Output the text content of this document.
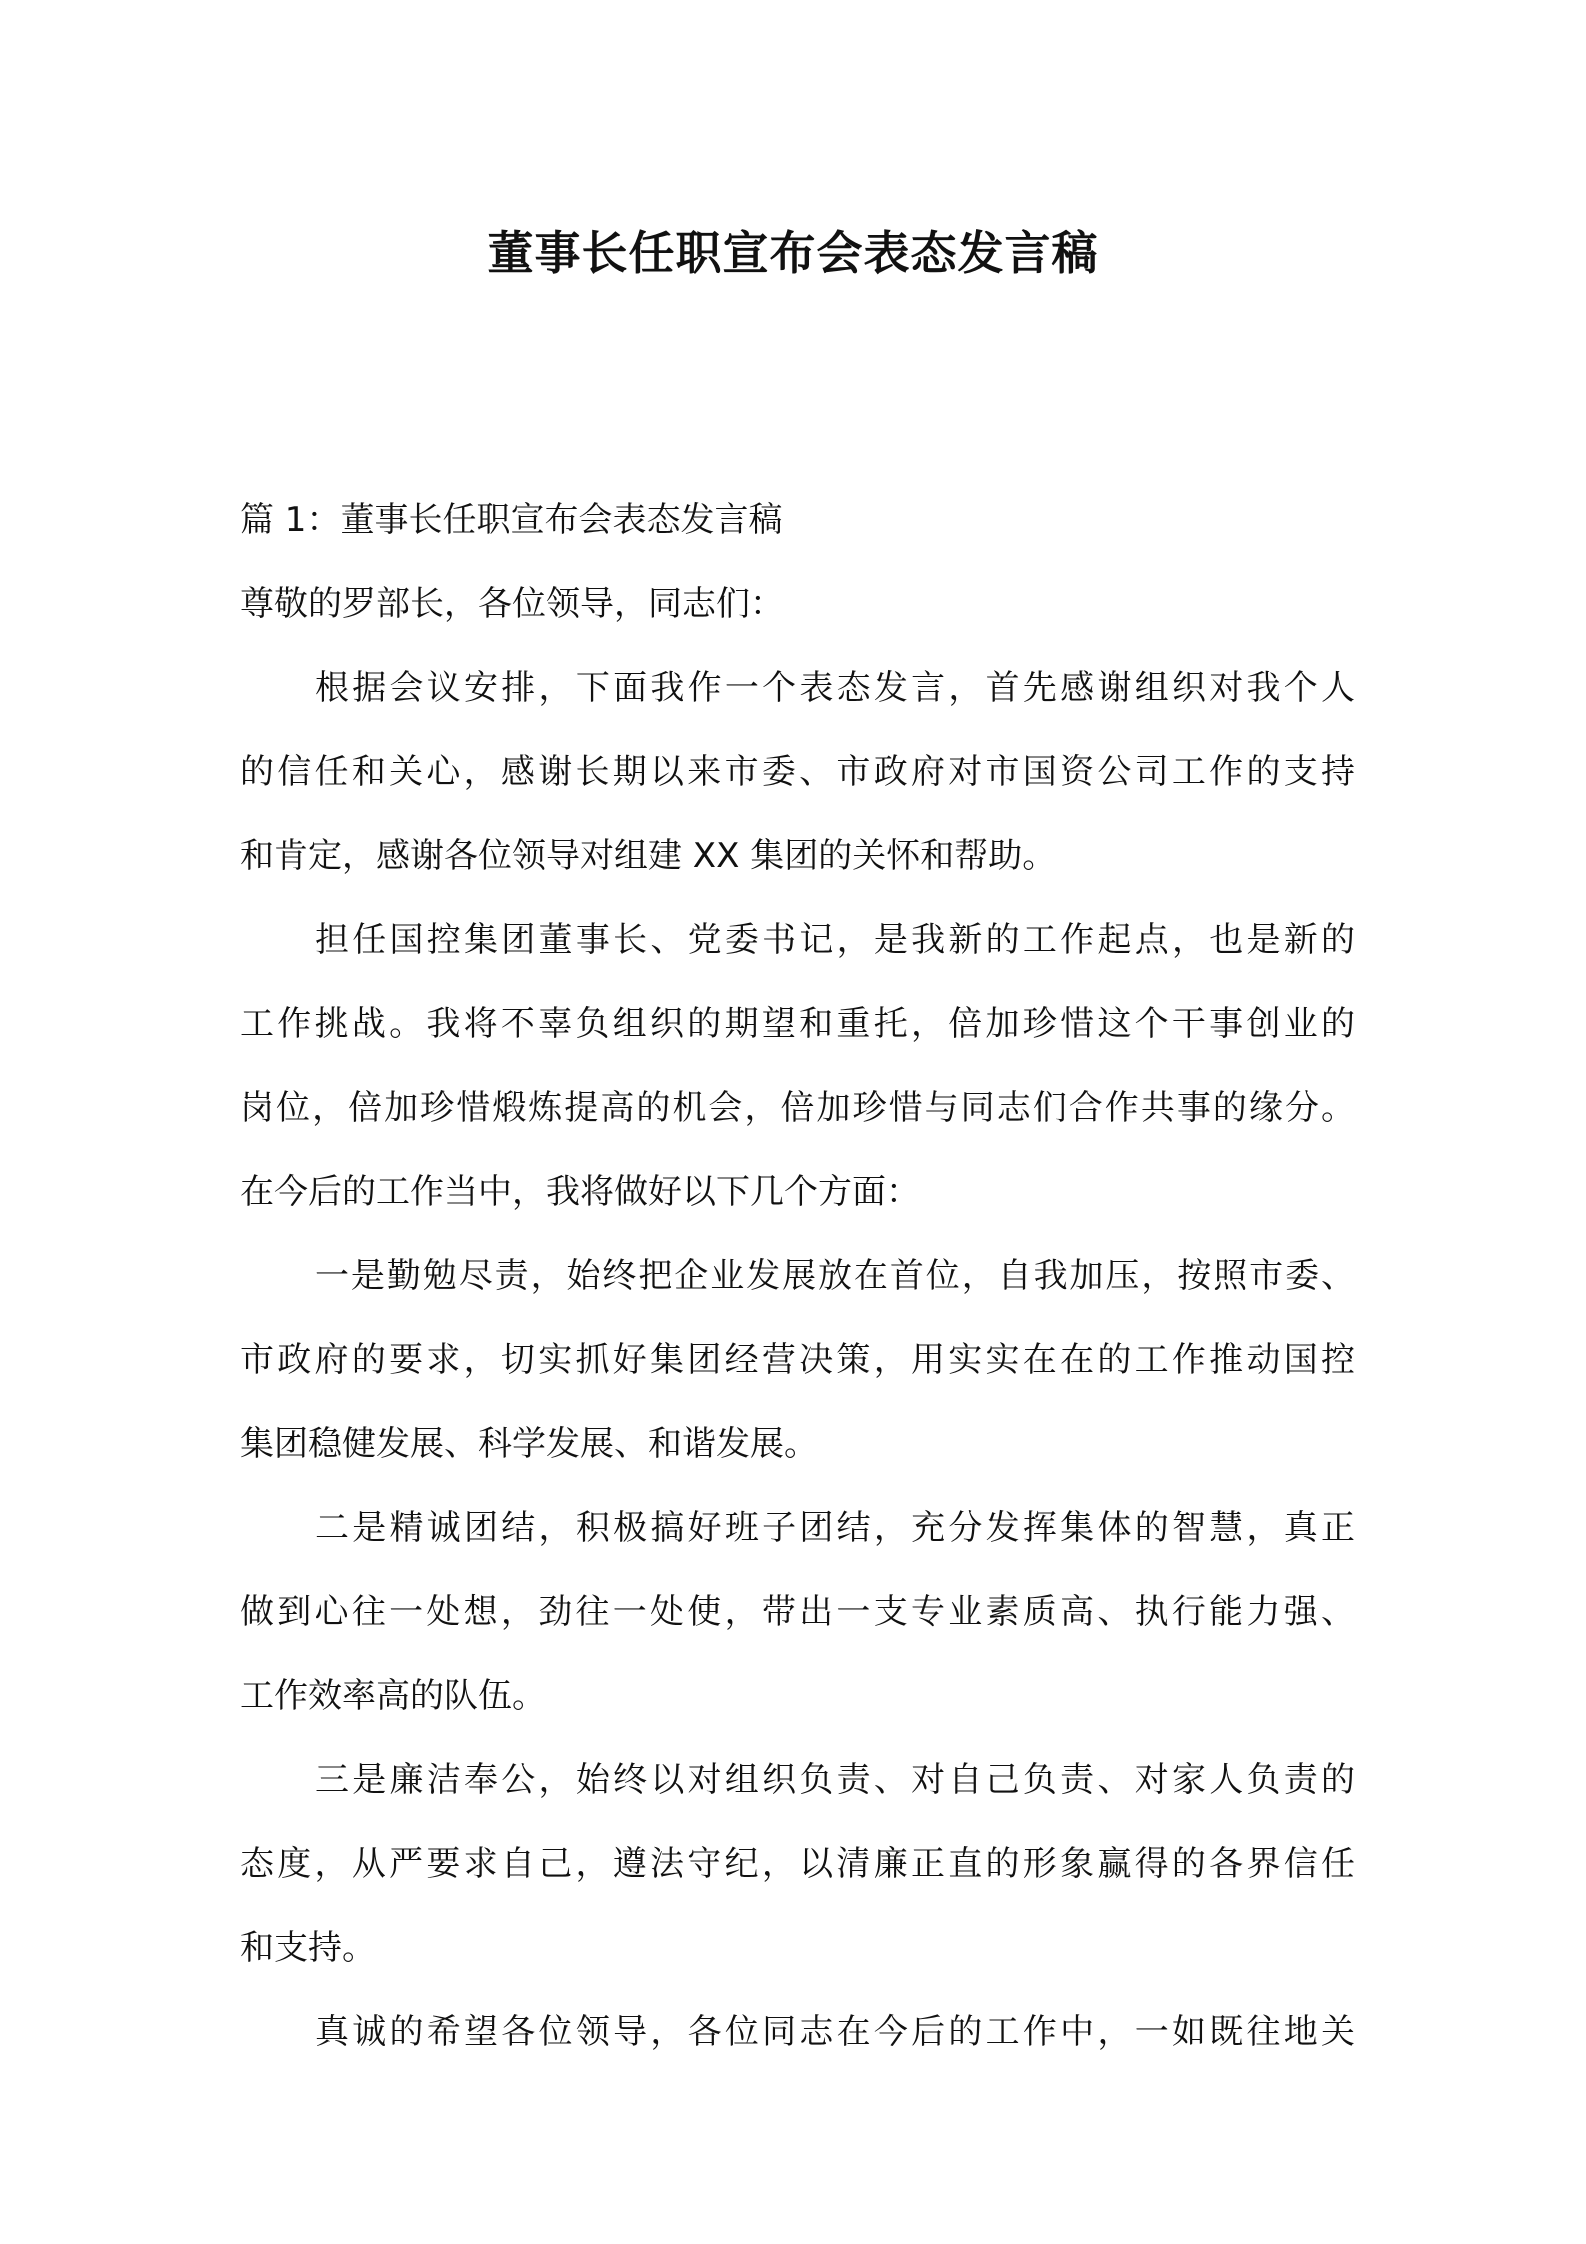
董事长任职宣布会表态发言稿
篇 1：董事长任职宣布会表态发言稿
尊敬的罗部长，各位领导，同志们：
根据会议安排，下面我作一个表态发言，首先感谢组织对我个人
的信任和关心，感谢长期以来市委、市政府对市国资公司工作的支持
和肯定，感谢各位领导对组建 XX 集团的关怀和帮助。
担任国控集团董事长、党委书记，是我新的工作起点，也是新的
工作挑战。我将不辜负组织的期望和重托，倍加珍惜这个干事创业的
岗位，倍加珍惜煅炼提高的机会，倍加珍惜与同志们合作共事的缘分。
在今后的工作当中，我将做好以下几个方面：
一是勤勉尽责，始终把企业发展放在首位，自我加压，按照市委、
市政府的要求，切实抓好集团经营决策，用实实在在的工作推动国控
集团稳健发展、科学发展、和谐发展。
二是精诚团结，积极搞好班子团结，充分发挥集体的智慧，真正
做到心往一处想，劲往一处使，带出一支专业素质高、执行能力强、
工作效率高的队伍。
三是廉洁奉公，始终以对组织负责、对自己负责、对家人负责的
态度，从严要求自己，遵法守纪，以清廉正直的形象赢得的各界信任
和支持。
真诚的希望各位领导，各位同志在今后的工作中，一如既往地关
